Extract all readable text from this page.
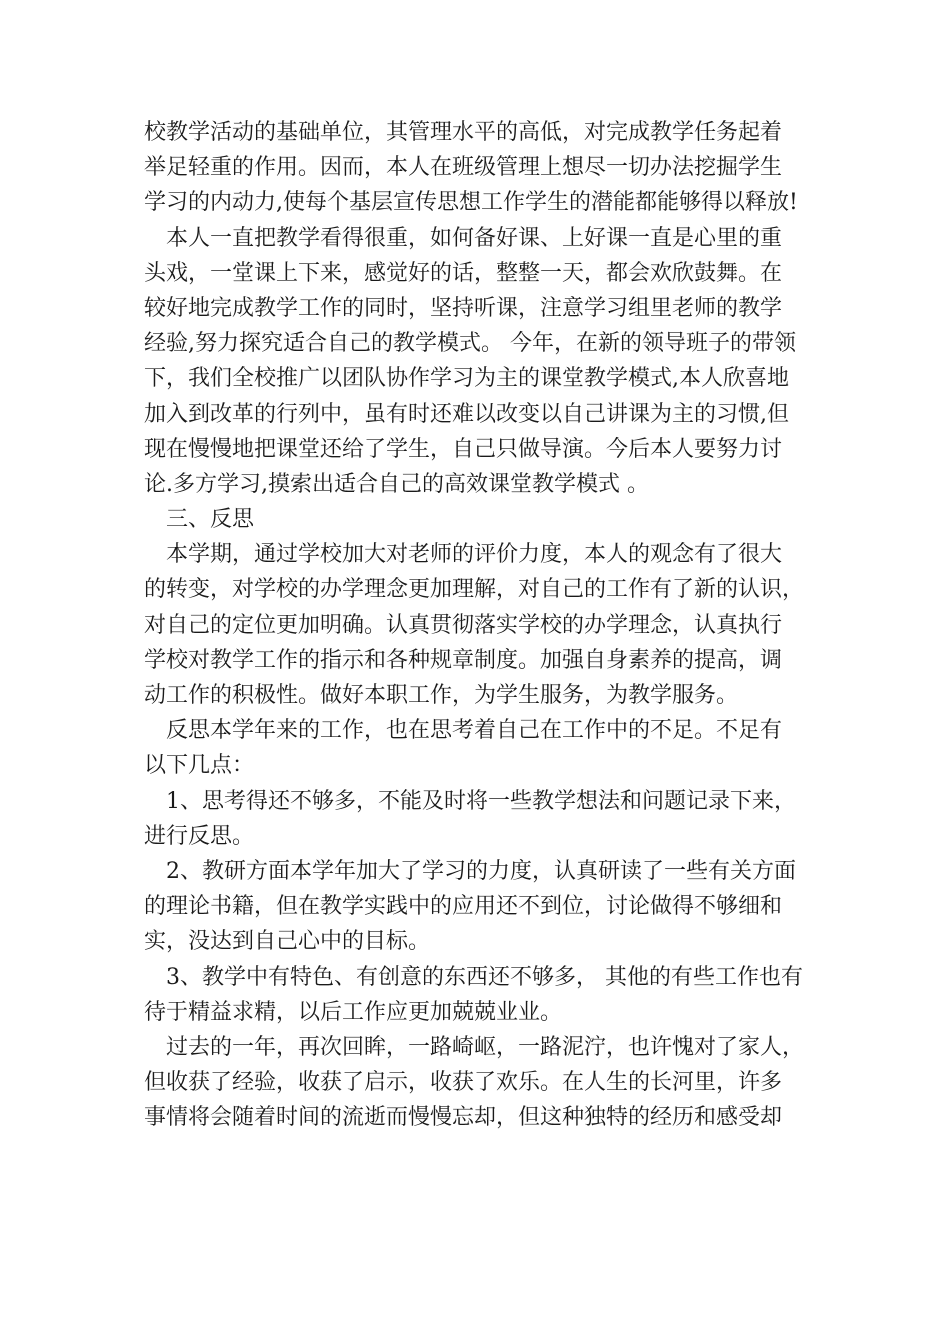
校教学活动的基础单位，其管理水平的高低，对完成教学任务起着
举足轻重的作用。因而，本人在班级管理上想尽一切办法挖掘学生
学习的内动力,使每个基层宣传思想工作学生的潜能都能够得以释放!
　本人一直把教学看得很重，如何备好课、上好课一直是心里的重
头戏，一堂课上下来，感觉好的话，整整一天，都会欢欣鼓舞。在
较好地完成教学工作的同时，坚持听课，注意学习组里老师的教学
经验,努力探究适合自己的教学模式。 今年，在新的领导班子的带领
下，我们全校推广以团队协作学习为主的课堂教学模式,本人欣喜地
加入到改革的行列中，虽有时还难以改变以自己讲课为主的习惯,但
现在慢慢地把课堂还给了学生，自己只做导演。今后本人要努力讨
论.多方学习,摸索出适合自己的高效课堂教学模式 。
　三、反思
　本学期，通过学校加大对老师的评价力度，本人的观念有了很大
的转变，对学校的办学理念更加理解，对自己的工作有了新的认识，
对自己的定位更加明确。认真贯彻落实学校的办学理念，认真执行
学校对教学工作的指示和各种规章制度。加强自身素养的提高，调
动工作的积极性。做好本职工作，为学生服务，为教学服务。
　反思本学年来的工作，也在思考着自己在工作中的不足。不足有
以下几点：
　1、思考得还不够多，不能及时将一些教学想法和问题记录下来，
进行反思。
　2、教研方面本学年加大了学习的力度，认真研读了一些有关方面
的理论书籍，但在教学实践中的应用还不到位，讨论做得不够细和
实，没达到自己心中的目标。
　3、教学中有特色、有创意的东西还不够多， 其他的有些工作也有
待于精益求精，以后工作应更加兢兢业业。
　过去的一年，再次回眸，一路崎岖，一路泥泞，也许愧对了家人，
但收获了经验，收获了启示，收获了欢乐。在人生的长河里，许多
事情将会随着时间的流逝而慢慢忘却，但这种独特的经历和感受却
